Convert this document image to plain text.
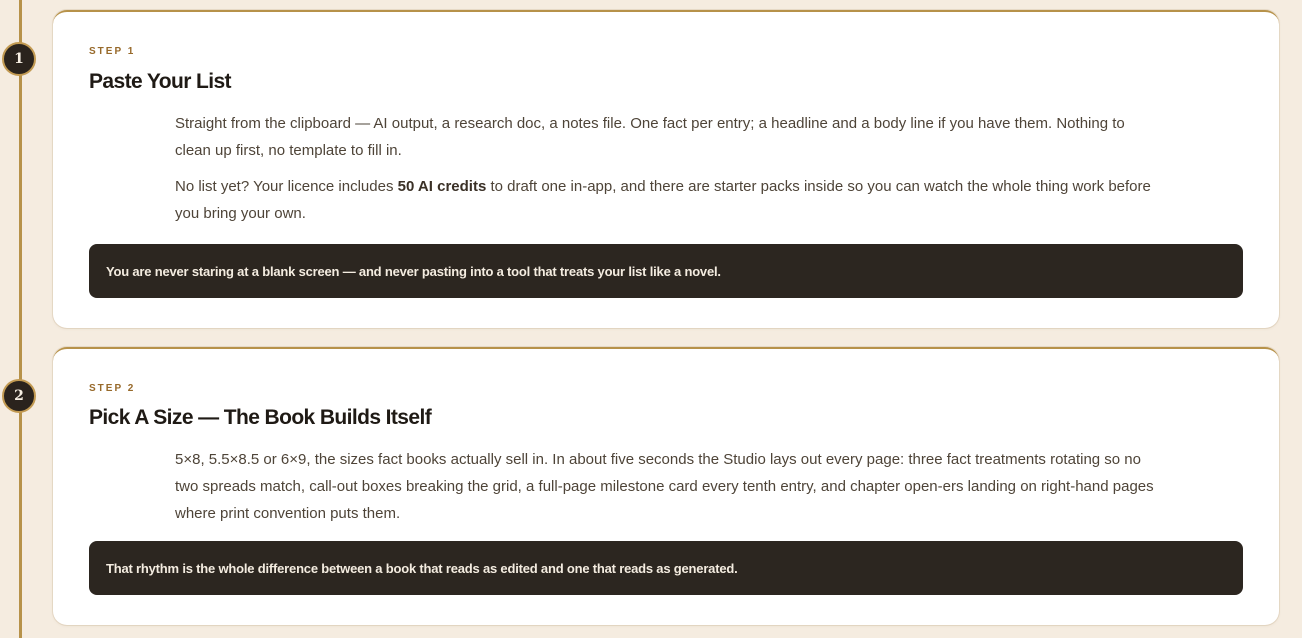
1
2
STEP 1
Paste Your List

Straight from the clipboard — AI output, a research doc, a notes file. One fact per entry; a headline and a body line if you have them. Nothing to clean up first, no template to fill in.

No list yet? Your licence includes 50 AI credits to draft one in-app, and there are starter packs inside so you can watch the whole thing work before you bring your own.

You are never staring at a blank screen — and never pasting into a tool that treats your list like a novel.
STEP 2
Pick A Size — The Book Builds Itself

5×8, 5.5×8.5 or 6×9, the sizes fact books actually sell in. In about five seconds the Studio lays out every page: three fact treatments rotating so no two spreads match, call-out boxes breaking the grid, a full-page milestone card every tenth entry, and chapter open-ers landing on right-hand pages where print convention puts them.

That rhythm is the whole difference between a book that reads as edited and one that reads as generated.
